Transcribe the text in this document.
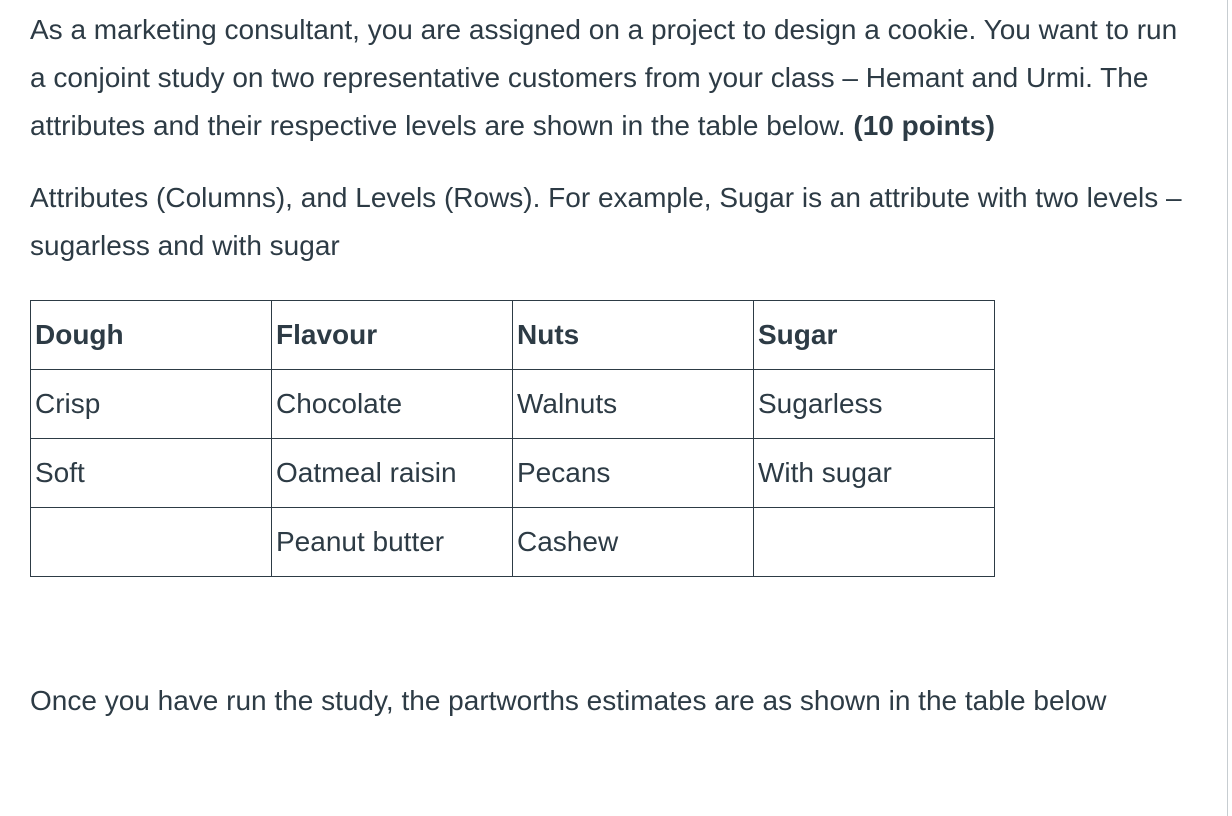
As a marketing consultant, you are assigned on a project to design a cookie. You want to run a conjoint study on two representative customers from your class – Hemant and Urmi. The attributes and their respective levels are shown in the table below. (10 points)

Attributes (Columns), and Levels (Rows). For example, Sugar is an attribute with two levels – sugarless and with sugar

Dough	Flavour	Nuts	Sugar
Crisp	Chocolate	Walnuts	Sugarless
Soft	Oatmeal raisin	Pecans	With sugar
	Peanut butter	Cashew	

Once you have run the study, the partworths estimates are as shown in the table below
